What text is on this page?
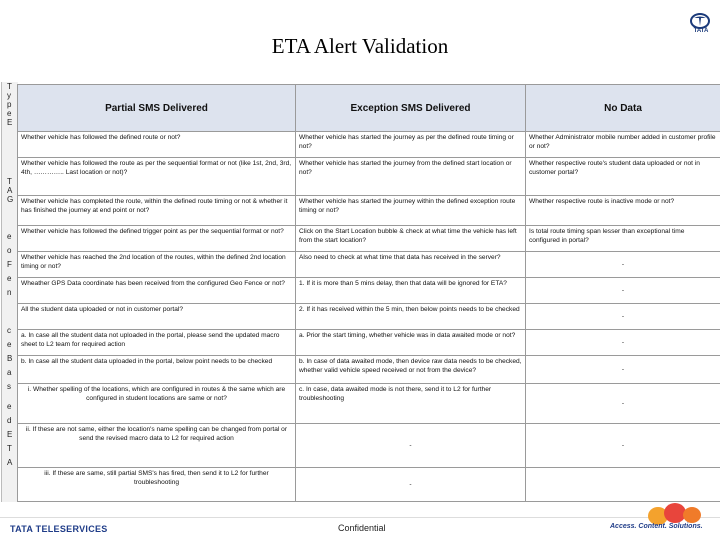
ETA Alert Validation
TATA
T
y
p
e
E
T
A
G
e
o
F
e
n
c
e
B
a
s
e
d
E
T
A
Partial SMS Delivered	Exception SMS Delivered	No Data
Whether vehicle has followed the defined route or not?	Whether vehicle has started the journey as per the defined route timing or not?	Whether Administrator mobile number added in customer profile or not?
Whether vehicle has followed the route as per the sequential format or not (like 1st, 2nd, 3rd, 4th, ………….. Last location or not)?	Whether vehicle has started the journey from the defined start location or not?	Whether respective route's student data uploaded or not in customer portal?
Whether vehicle has completed the route, within the defined route timing or not & whether it has finished the journey at end point or not?	Whether vehicle has started the journey within the defined exception route timing or not?	Whether respective route is inactive mode or not?
Whether vehicle has followed the defined trigger point as per the sequential format or not?	Click on the Start Location bubble & check at what time the vehicle has left from the start location?	Is total route timing span lesser than exceptional time configured in portal?
Whether vehicle has reached the 2nd location of the routes, within the defined 2nd location timing or not?	Also need to check at what time that data has received in the server?	-
Wheather GPS Data coordinate has been received from the configured Geo Fence or not?	1. If it is more than 5 mins delay, then that data will be ignored for ETA?	-
All the student data uploaded or not in customer portal?	2. If it has received within the 5 min, then below points needs to be checked	-
a. In case all the student data not uploaded in the portal, please send the updated macro sheet to L2 team for required action	a. Prior the start timing, whether vehicle was in data awaited mode or not?	-
b. In case all the student data uploaded in the portal, below point needs to be checked	b. In case of data awaited mode, then device raw data needs to be checked, whether valid vehicle speed received or not from the device?	-
i. Whether spelling of the locations, which are configured in routes & the same which are configured in student locations are same or not?	c. In case, data awaited mode is not there, send it to L2 for further troubleshooting	-
ii. If these are not same, either the location's name spelling can be changed from portal or send the revised macro data to L2 for required action	-	-
iii. If these are same, still partial SMS's has fired, then send it to L2 for further troubleshooting	-	
TATA TELESERVICES	Confidential	Access. Content. Solutions.
